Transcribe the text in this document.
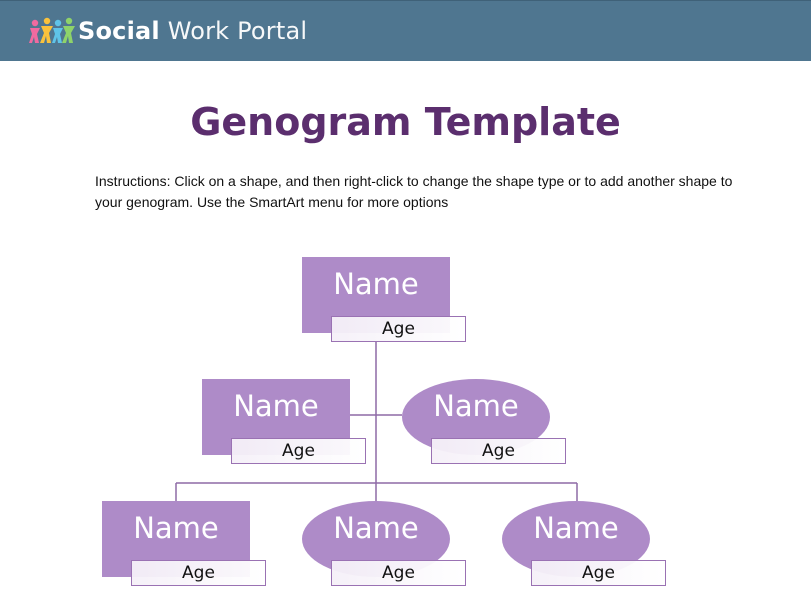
Social Work Portal
Genogram Template
Instructions: Click on a shape, and then right-click to change the shape type or to add another shape to your genogram. Use the SmartArt menu for more options
Name
Age
Name
Age
Name
Age
Name
Age
Name
Age
Name
Age
